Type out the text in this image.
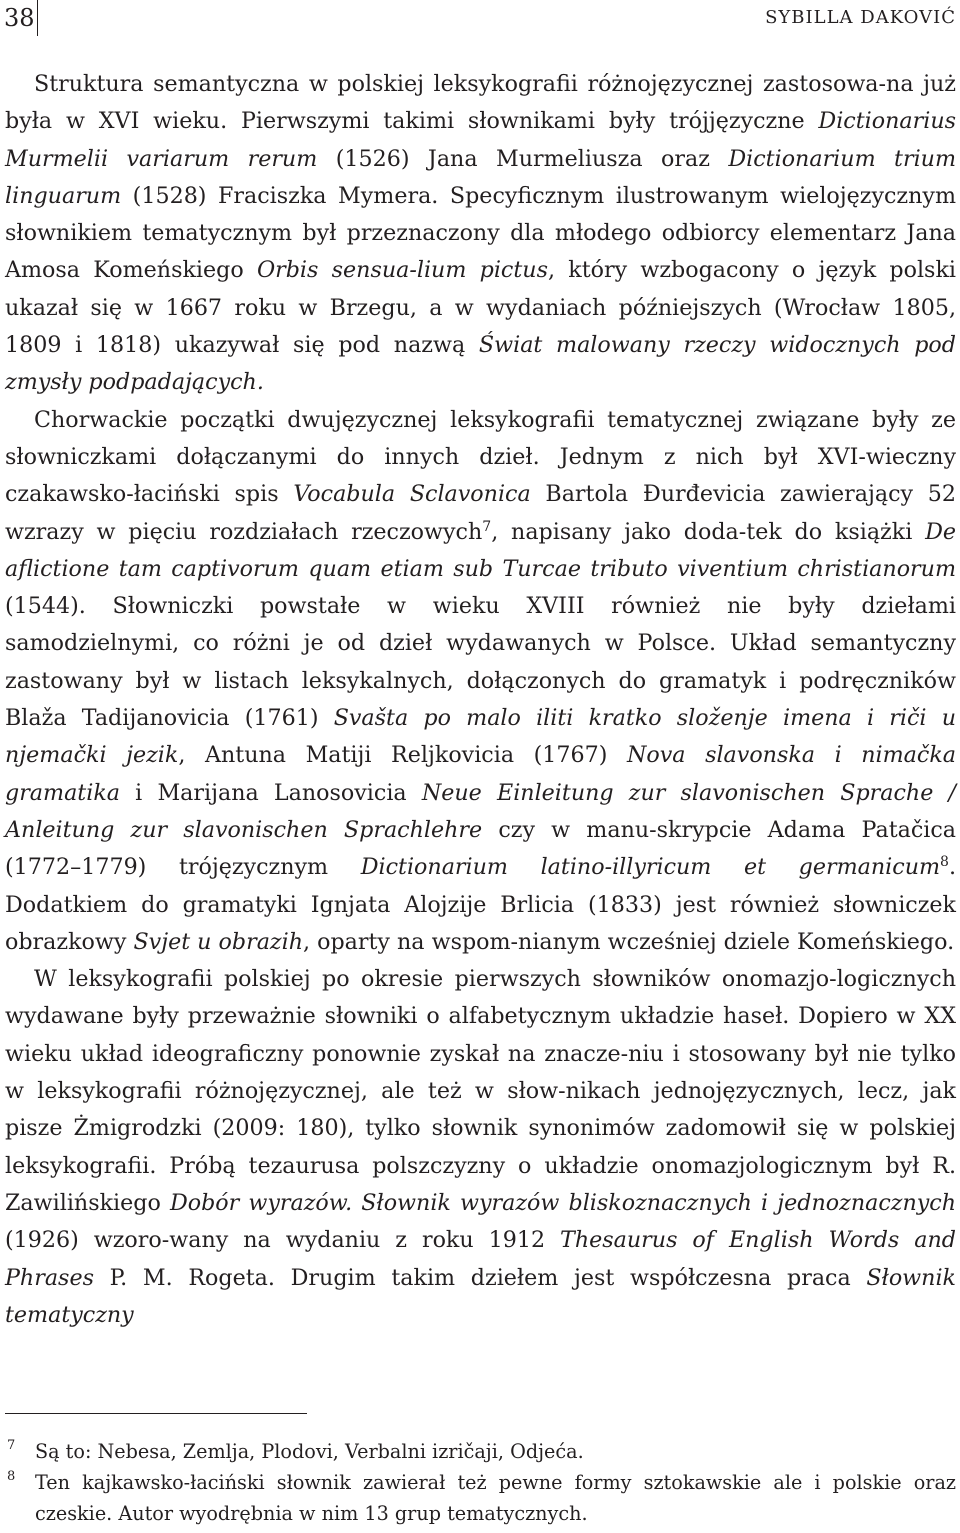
38	SYBILLA DAKOVIĆ

Struktura semantyczna w polskiej leksykografii różnojęzycznej zastosowa-na już była w XVI wieku. Pierwszymi takimi słownikami były trójjęzyczne Dictionarius Murmelii variarum rerum (1526) Jana Murmeliusza oraz Dictionarium trium linguarum (1528) Fraciszka Mymera. Specyficznym ilustrowanym wielojęzycznym słownikiem tematycznym był przeznaczony dla młodego odbiorcy elementarz Jana Amosa Komeńskiego Orbis sensua-lium pictus, który wzbogacony o język polski ukazał się w 1667 roku w Brzegu, a w wydaniach późniejszych (Wrocław 1805, 1809 i 1818) ukazywał się pod nazwą Świat malowany rzeczy widocznych pod zmysły podpadających.

Chorwackie początki dwujęzycznej leksykografii tematycznej związane były ze słowniczkami dołączanymi do innych dzieł. Jednym z nich był XVI-wieczny czakawsko-łaciński spis Vocabula Sclavonica Bartola Đurđevicia zawierający 52 wzrazy w pięciu rozdziałach rzeczowych$^7$, napisany jako doda-tek do książki De aflictione tam captivorum quam etiam sub Turcae tributo viventium christianorum (1544). Słowniczki powstałe w wieku XVIII również nie były dziełami samodzielnymi, co różni je od dzieł wydawanych w Polsce. Układ semantyczny zastowany był w listach leksykalnych, dołączonych do gramatyk i podręczników Blaža Tadijanovicia (1761) Svašta po malo iliti kratko složenje imena i riči u njemački jezik, Antuna Matiji Reljkovicia (1767) Nova slavonska i nimačka gramatika i Marijana Lanosovicia Neue Einleitung zur slavonischen Sprache / Anleitung zur slavonischen Sprachlehre czy w manu-skrypcie Adama Patačica (1772–1779) trójęzycznym Dictionarium latino-illyricum et germanicum$^8$. Dodatkiem do gramatyki Ignjata Alojzije Brlicia (1833) jest również słowniczek obrazkowy Svjet u obrazih, oparty na wspom-nianym wcześniej dziele Komeńskiego.

W leksykografii polskiej po okresie pierwszych słowników onomazjo-logicznych wydawane były przeważnie słowniki o alfabetycznym układzie haseł. Dopiero w XX wieku układ ideograficzny ponownie zyskał na znacze-niu i stosowany był nie tylko w leksykografii różnojęzycznej, ale też w słow-nikach jednojęzycznych, lecz, jak pisze Żmigrodzki (2009: 180), tylko słownik synonimów zadomowił się w polskiej leksykografii. Próbą tezaurusa polszczyzny o układzie onomazjologicznym był R. Zawilińskiego Dobór wyrazów. Słownik wyrazów bliskoznacznych i jednoznacznych (1926) wzoro-wany na wydaniu z roku 1912 Thesaurus of English Words and Phrases P. M. Rogeta. Drugim takim dziełem jest współczesna praca Słownik tematyczny

7 Są to: Nebesa, Zemlja, Plodovi, Verbalni izričaji, Odjeća.
8 Ten kajkawsko-łaciński słownik zawierał też pewne formy sztokawskie ale i polskie oraz czeskie. Autor wyodrębnia w nim 13 grup tematycznych.
